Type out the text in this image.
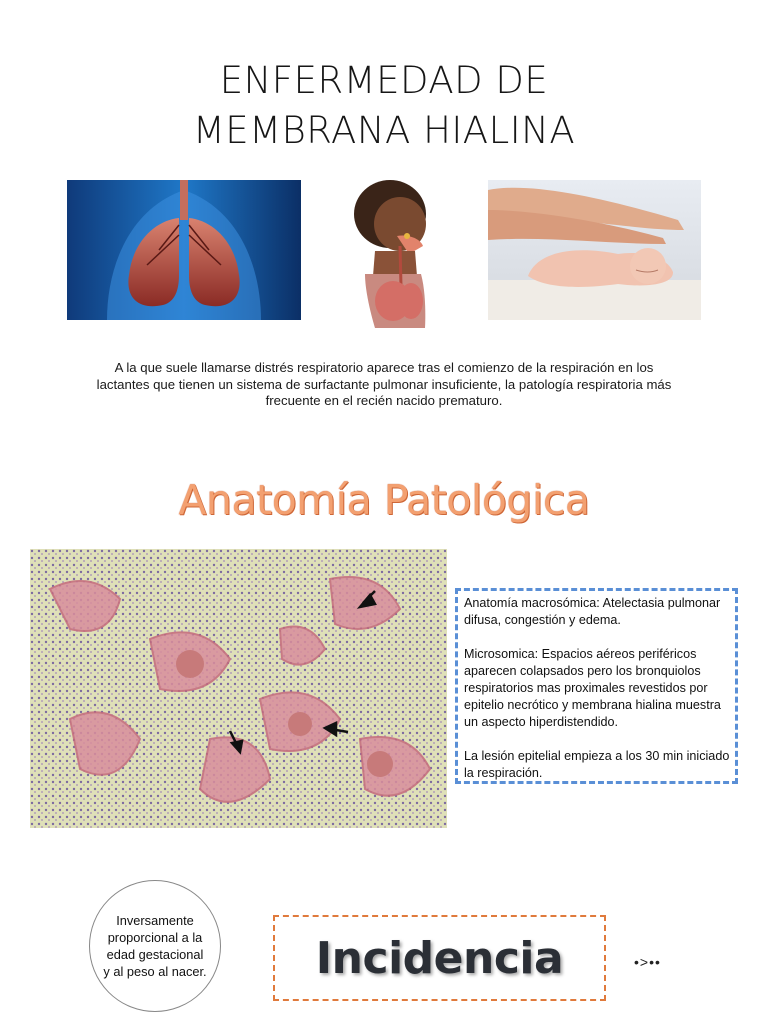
ENFERMEDAD DE
MEMBRANA HIALINA
A la que suele llamarse distrés respiratorio aparece tras el comienzo de la respiración en los lactantes que tienen un sistema de surfactante pulmonar insuficiente, la patología respiratoria más frecuente en el recién nacido prematuro.
Anatomía Patológica

Anatomía macrosómica: Atelectasia pulmonar difusa, congestión y edema.

Microsomica: Espacios aéreos periféricos aparecen colapsados pero los bronquiolos respiratorios mas proximales revestidos por epitelio necrótico y membrana hialina muestra un aspecto hiperdistendido.

La lesión epitelial empieza a los 30 min iniciado la respiración.

Inversamente proporcional a la edad gestacional y al peso al nacer. Incidencia	•>••
